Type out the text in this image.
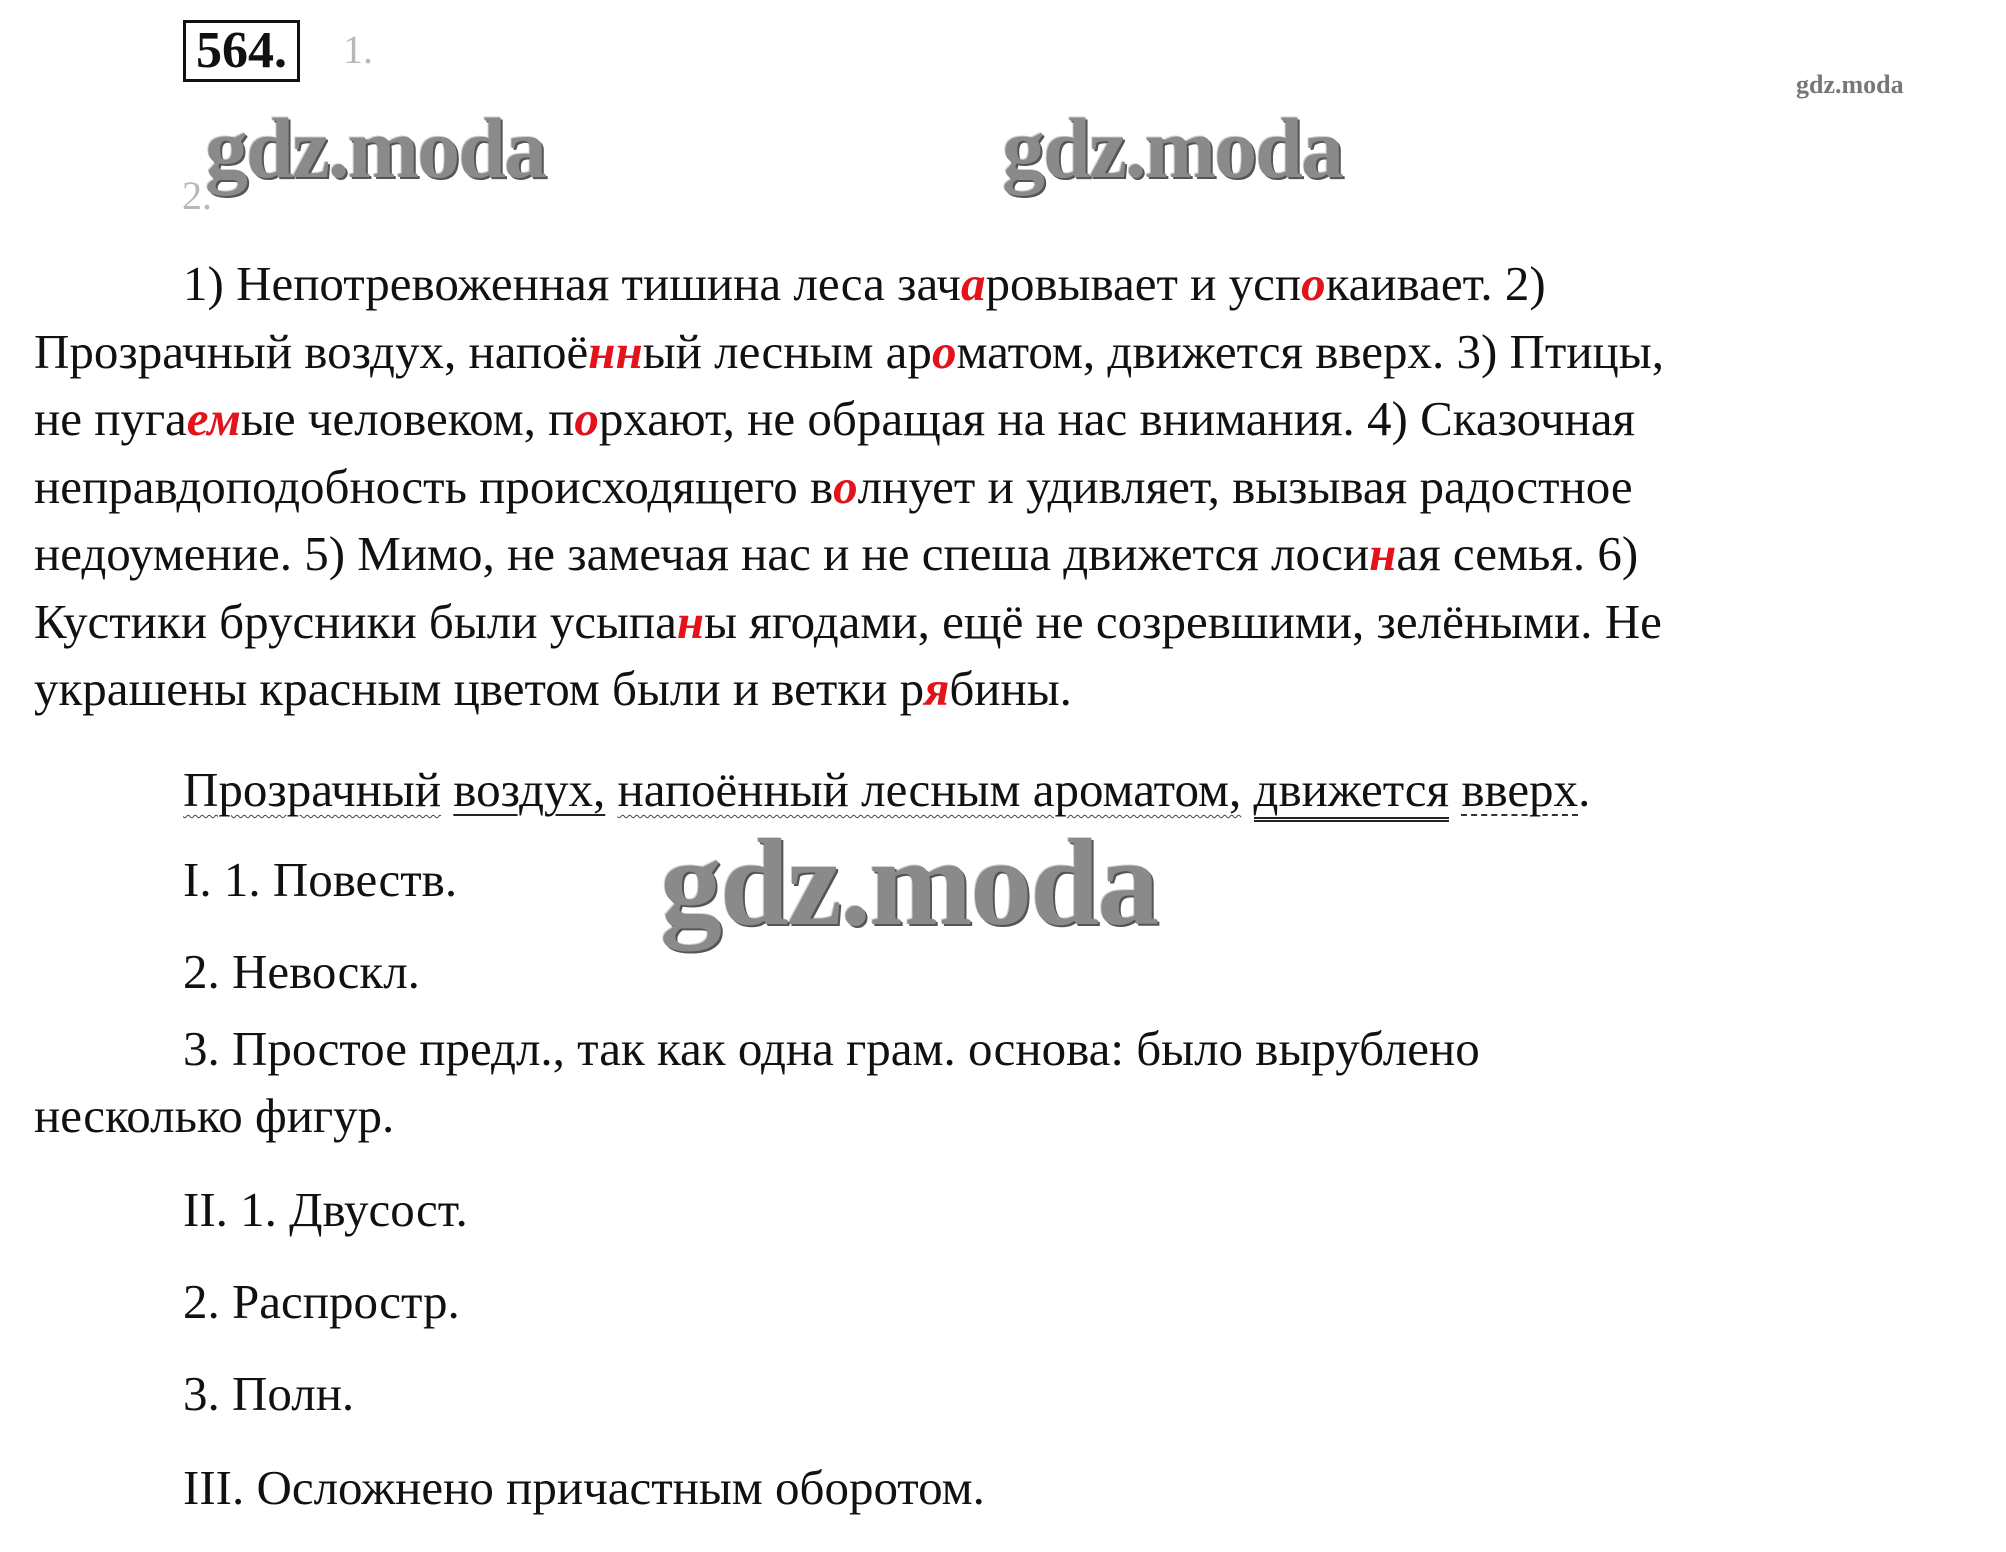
564.	1.
2.
gdz.moda	gdz.moda
gdz.moda
gdz.moda
1) Непотревоженная тишина леса зачаровывает и успокаивает. 2)
Прозрачный воздух, напоённый лесным ароматом, движется вверх. 3) Птицы,
не пугаемые человеком, порхают, не обращая на нас внимания. 4) Сказочная
неправдоподобность происходящего волнует и удивляет, вызывая радостное
недоумение. 5) Мимо, не замечая нас и не спеша движется лосиная семья. 6)
Кустики брусники были усыпаны ягодами, ещё не созревшими, зелёными. Не
украшены красным цветом были и ветки рябины.
Прозрачный воздух, напоённый лесным ароматом, движется вверх.
I. 1. Повеств.
2. Невоскл.
3. Простое предл., так как одна грам. основа: было вырублено
несколько фигур.
II. 1. Двусост.
2. Распростр.
3. Полн.
III. Осложнено причастным оборотом.
